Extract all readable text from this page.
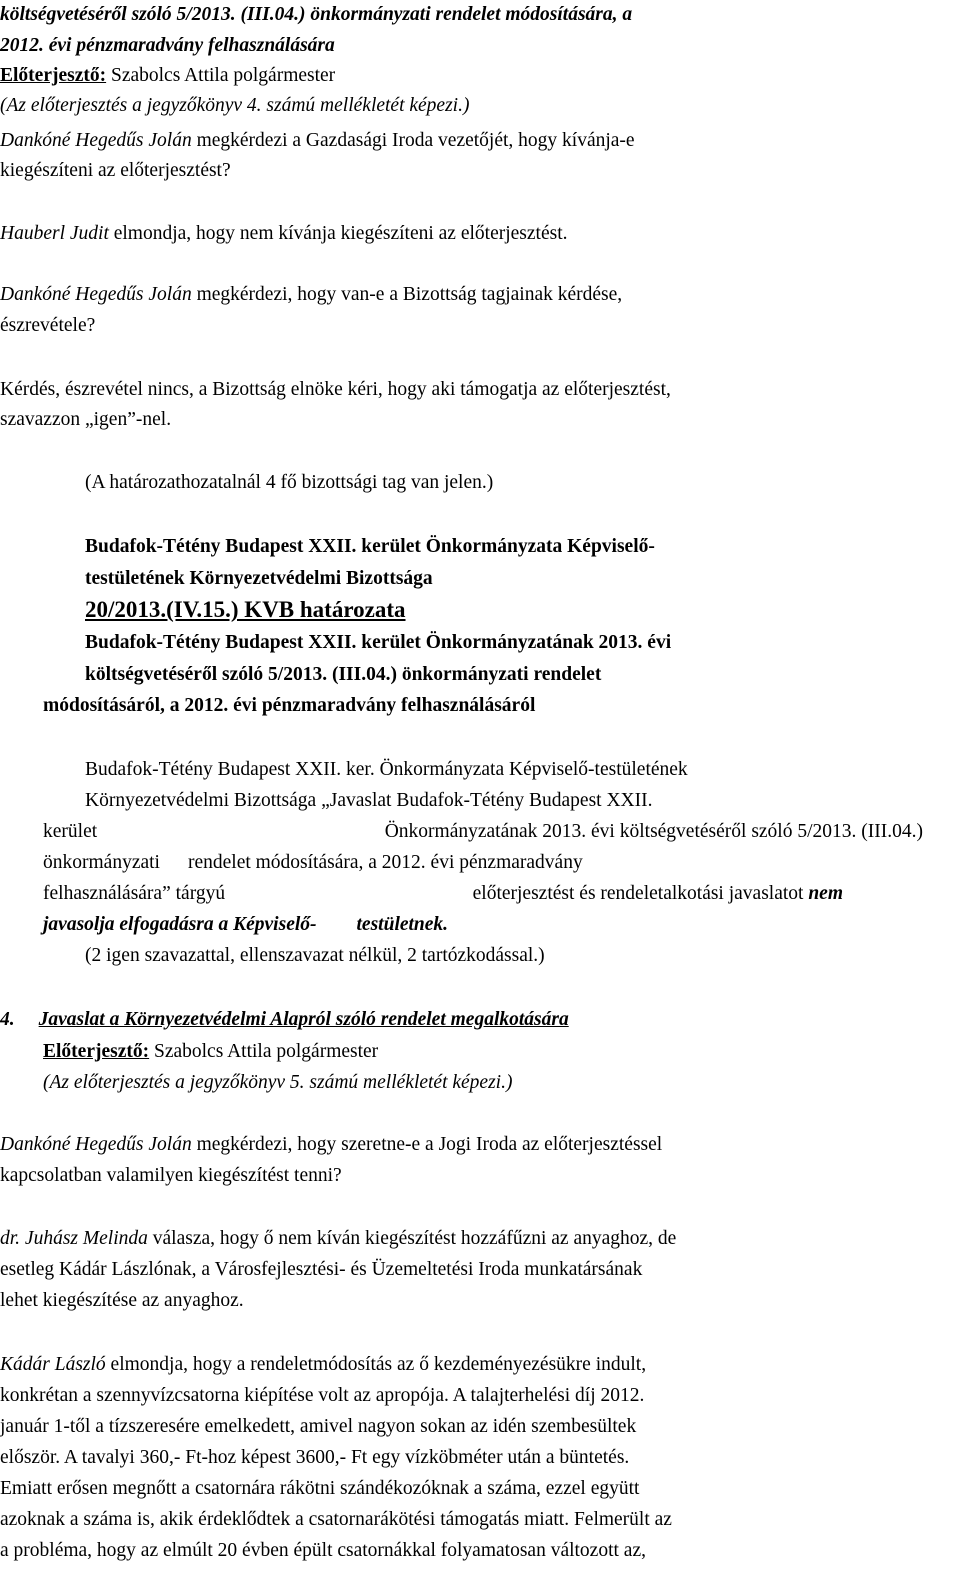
költségvetéséről szóló 5/2013. (III.04.) önkormányzati rendelet módosítására, a
2012. évi pénzmaradvány felhasználására
Előterjesztő: Szabolcs Attila polgármester
(Az előterjesztés a jegyzőkönyv 4. számú mellékletét képezi.)
Dankóné Hegedűs Jolán megkérdezi a Gazdasági Iroda vezetőjét, hogy kívánja-e
kiegészíteni az előterjesztést?
Hauberl Judit elmondja, hogy nem kívánja kiegészíteni az előterjesztést.
Dankóné Hegedűs Jolán megkérdezi, hogy van-e a Bizottság tagjainak kérdése,
észrevétele?
Kérdés, észrevétel nincs, a Bizottság elnöke kéri, hogy aki támogatja az előterjesztést,
szavazzon „igen”-nel.
(A határozathozatalnál 4 fő bizottsági tag van jelen.)
Budafok-Tétény Budapest XXII. kerület Önkormányzata Képviselő-
testületének Környezetvédelmi Bizottsága
20/2013.(IV.15.) KVB határozata
Budafok-Tétény Budapest XXII. kerület Önkormányzatának 2013. évi
költségvetéséről szóló 5/2013. (III.04.) önkormányzati rendelet
módosításáról, a 2012. évi pénzmaradvány felhasználásáról
Budafok-Tétény Budapest XXII. ker. Önkormányzata Képviselő-testületének
Környezetvédelmi Bizottsága „Javaslat Budafok-Tétény Budapest XXII.
kerület	Önkormányzatának 2013. évi költségvetéséről szóló 5/2013. (III.04.)
önkormányzati rendelet módosítására, a 2012. évi pénzmaradvány
felhasználására” tárgyú	előterjesztést és rendeletalkotási javaslatot nem
javasolja elfogadásra a Képviselő- testületnek.
(2 igen szavazattal, ellenszavazat nélkül, 2 tartózkodással.)
4. Javaslat a Környezetvédelmi Alapról szóló rendelet megalkotására
Előterjesztő: Szabolcs Attila polgármester
(Az előterjesztés a jegyzőkönyv 5. számú mellékletét képezi.)
Dankóné Hegedűs Jolán megkérdezi, hogy szeretne-e a Jogi Iroda az előterjesztéssel
kapcsolatban valamilyen kiegészítést tenni?
dr. Juhász Melinda válasza, hogy ő nem kíván kiegészítést hozzáfűzni az anyaghoz, de
esetleg Kádár Lászlónak, a Városfejlesztési- és Üzemeltetési Iroda munkatársának
lehet kiegészítése az anyaghoz.
Kádár László elmondja, hogy a rendeletmódosítás az ő kezdeményezésükre indult,
konkrétan a szennyvízcsatorna kiépítése volt az apropója. A talajterhelési díj 2012.
január 1-től a tízszeresére emelkedett, amivel nagyon sokan az idén szembesültek
először. A tavalyi 360,- Ft-hoz képest 3600,- Ft egy vízköbméter után a büntetés.
Emiatt erősen megnőtt a csatornára rákötni szándékozóknak a száma, ezzel együtt
azoknak a száma is, akik érdeklődtek a csatornarákötési támogatás miatt. Felmerült az
a probléma, hogy az elmúlt 20 évben épült csatornákkal folyamatosan változott az,
